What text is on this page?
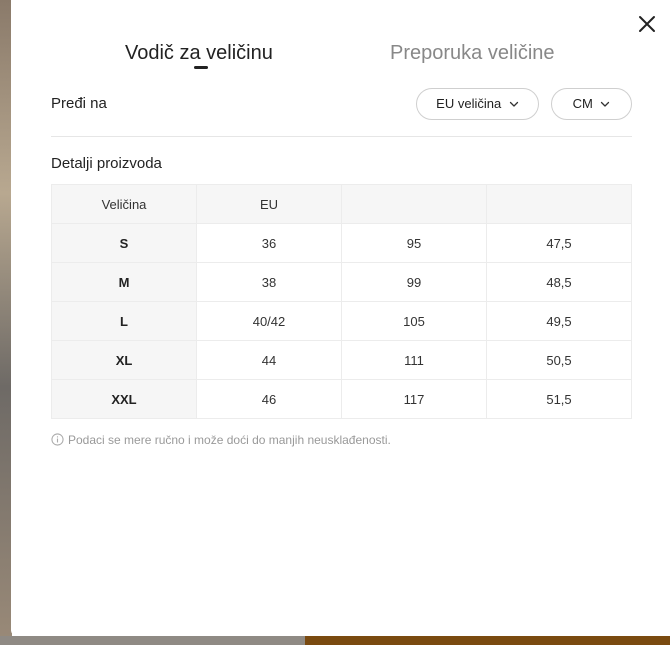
Vodič za veličinu	Preporuka veličine
Pređi na	EU veličina	CM
Detalji proizvoda
Veličina	EU		
S	36	95	47,5
M	38	99	48,5
L	40/42	105	49,5
XL	44	111	50,5
XXL	46	117	51,5
Podaci se mere ručno i može doći do manjih neusklađenosti.
